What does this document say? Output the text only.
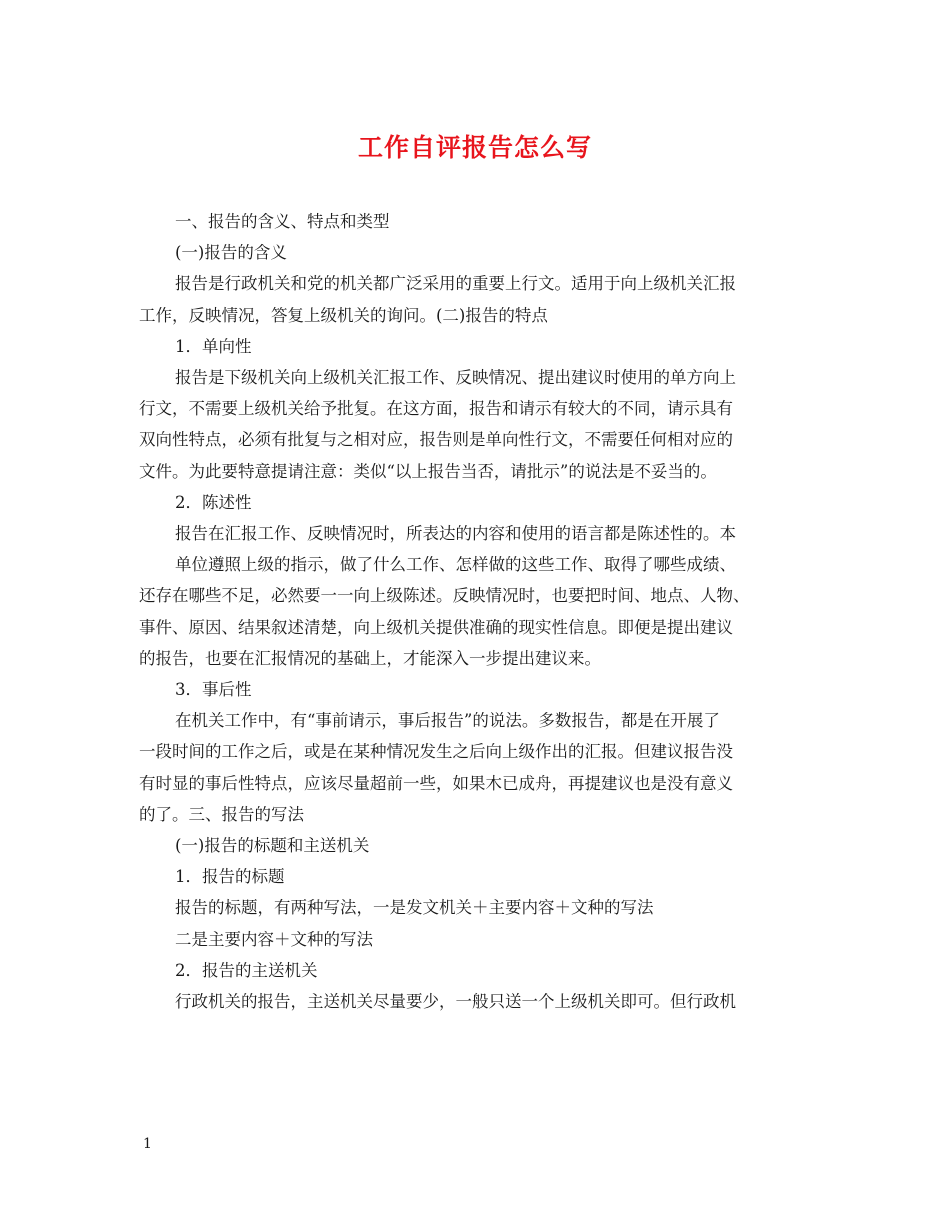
工作自评报告怎么写

一、报告的含义、特点和类型

(一)报告的含义

报告是行政机关和党的机关都广泛采用的重要上行文。适用于向上级机关汇报

工作，反映情况，答复上级机关的询问。(二)报告的特点

1．单向性

报告是下级机关向上级机关汇报工作、反映情况、提出建议时使用的单方向上

行文，不需要上级机关给予批复。在这方面，报告和请示有较大的不同，请示具有

双向性特点，必须有批复与之相对应，报告则是单向性行文，不需要任何相对应的

文件。为此要特意提请注意：类似“以上报告当否，请批示”的说法是不妥当的。

2．陈述性

报告在汇报工作、反映情况时，所表达的内容和使用的语言都是陈述性的。本

单位遵照上级的指示，做了什么工作、怎样做的这些工作、取得了哪些成绩、

还存在哪些不足，必然要一一向上级陈述。反映情况时，也要把时间、地点、人物、

事件、原因、结果叙述清楚，向上级机关提供准确的现实性信息。即便是提出建议

的报告，也要在汇报情况的基础上，才能深入一步提出建议来。

3．事后性

在机关工作中，有“事前请示，事后报告”的说法。多数报告，都是在开展了

一段时间的工作之后，或是在某种情况发生之后向上级作出的汇报。但建议报告没

有时显的事后性特点，应该尽量超前一些，如果木已成舟，再提建议也是没有意义

的了。三、报告的写法

(一)报告的标题和主送机关

1．报告的标题

报告的标题，有两种写法，一是发文机关＋主要内容＋文种的写法

二是主要内容＋文种的写法

2．报告的主送机关

行政机关的报告，主送机关尽量要少，一般只送一个上级机关即可。但行政机

1
